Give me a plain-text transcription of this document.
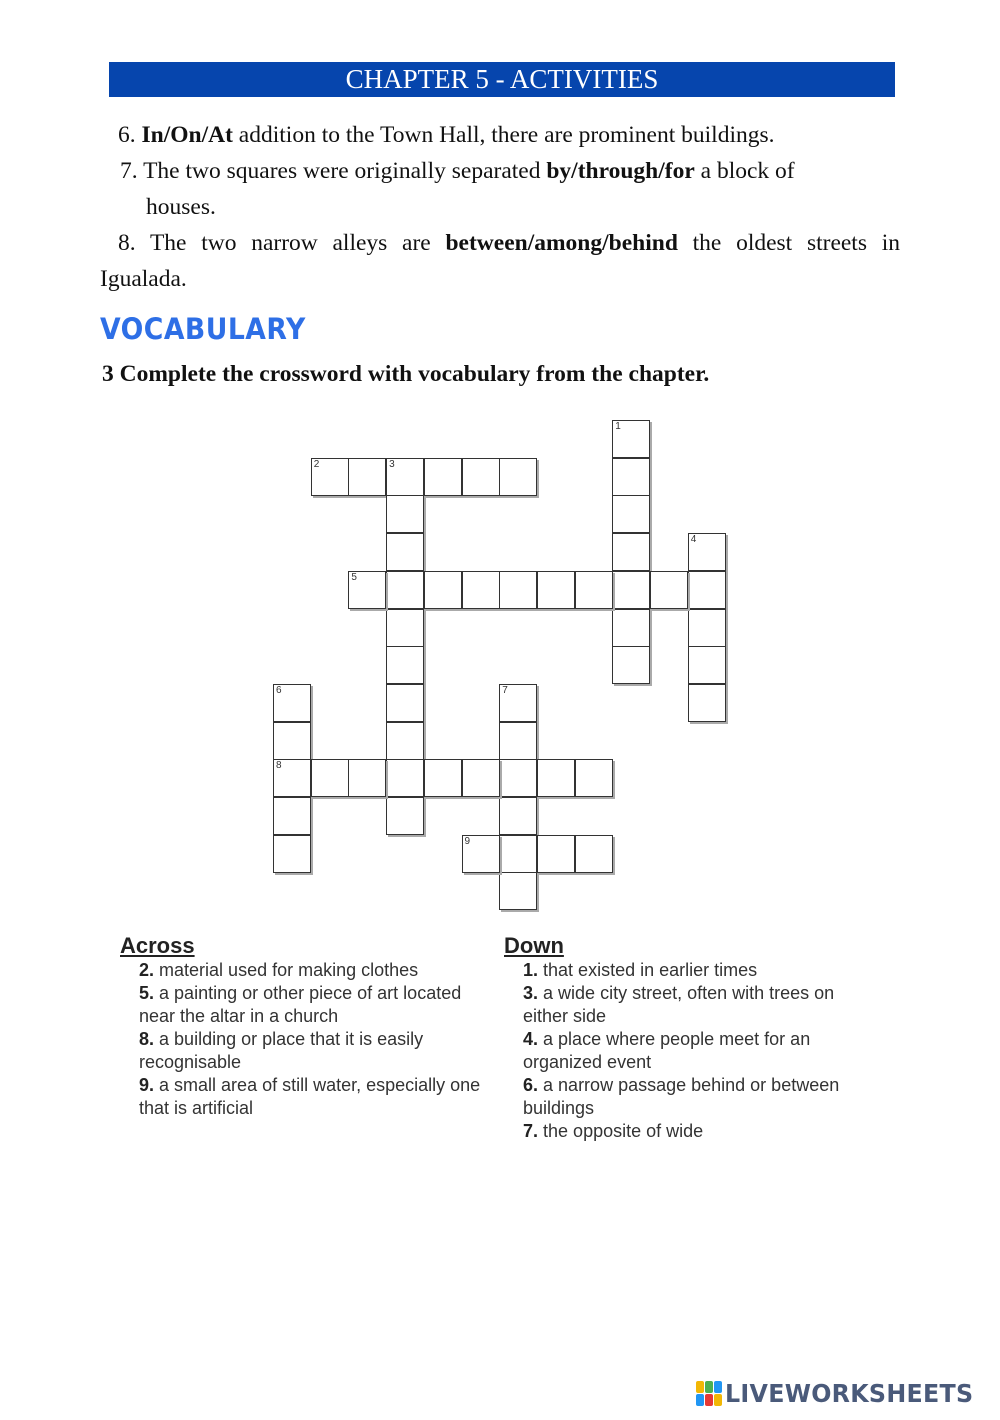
CHAPTER 5 - ACTIVITIES
6. In/On/At addition to the Town Hall, there are prominent buildings.
7. The two squares were originally separated by/through/for a block of
houses.
8. The two narrow alleys are between/among/behind the oldest streets in Igualada.
VOCABULARY
3 Complete the crossword with vocabulary from the chapter.
1
2	3
4
5
6
8
7
9
Across
2. material used for making clothes
5. a painting or other piece of art located near the altar in a church
8. a building or place that it is easily recognisable
9. a small area of still water, especially one that is artificial
Down
1. that existed in earlier times
3. a wide city street, often with trees on either side
4. a place where people meet for an organized event
6. a narrow passage behind or between buildings
7. the opposite of wide
LIVEWORKSHEETS
